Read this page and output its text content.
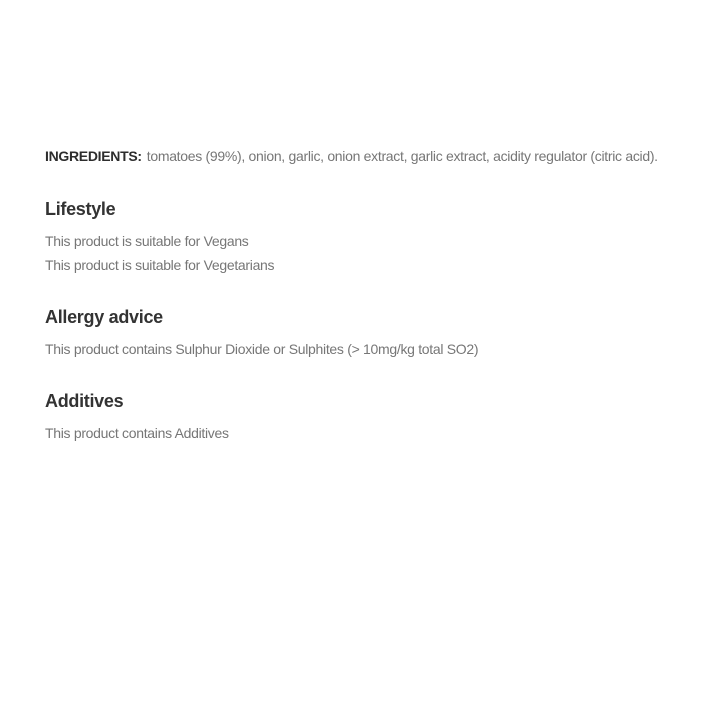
INGREDIENTS: tomatoes (99%), onion, garlic, onion extract, garlic extract, acidity regulator (citric acid).

Lifestyle

This product is suitable for Vegans

This product is suitable for Vegetarians

Allergy advice

This product contains Sulphur Dioxide or Sulphites (> 10mg/kg total SO2)

Additives

This product contains Additives
